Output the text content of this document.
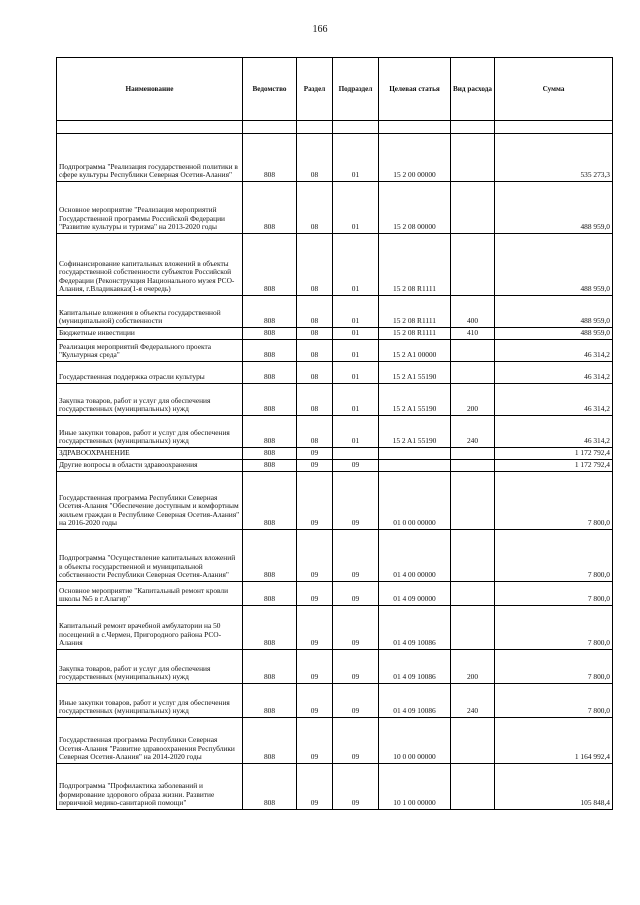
166
Наименование	Ведомство	Раздел	Подраздел	Целевая статья	Вид расхода	Сумма

Подпрограмма "Реализация государственной политики в сфере культуры Республики Северная Осетия-Алания"	808	08	01	15 2 00 00000		535 273,3
Основное мероприятие "Реализация мероприятий Государственной программы Российской Федерации "Развитие культуры и туризма" на 2013-2020 годы	808	08	01	15 2 08 00000		488 959,0
Софинансирование капитальных вложений в объекты государственной собственности субъектов Российской Федерации (Реконструкция Национального музея РСО-Алания, г.Владикавказ(1-я очередь)	808	08	01	15 2 08 R1111		488 959,0
Капитальные вложения в объекты государственной (муниципальной) собственности	808	08	01	15 2 08 R1111	400	488 959,0
Бюджетные инвестиции	808	08	01	15 2 08 R1111	410	488 959,0
Реализация мероприятий Федерального проекта "Культурная среда"	808	08	01	15 2 A1 00000		46 314,2
Государственная поддержка отрасли культуры	808	08	01	15 2 A1 55190		46 314,2
Закупка товаров, работ и услуг для обеспечения государственных (муниципальных) нужд	808	08	01	15 2 A1 55190	200	46 314,2
Иные закупки товаров, работ и услуг для обеспечения государственных (муниципальных) нужд	808	08	01	15 2 A1 55190	240	46 314,2
ЗДРАВООХРАНЕНИЕ	808	09				1 172 792,4
Другие вопросы в области здравоохранения	808	09	09			1 172 792,4
Государственная программа Республики Северная Осетия-Алания "Обеспечение доступным и комфортным жильем граждан в Республике Северная Осетия-Алания" на 2016-2020 годы	808	09	09	01 0 00 00000		7 800,0
Подпрограмма "Осуществление капитальных вложений в объекты государственной и муниципальной собственности Республики Северная Осетия-Алания"	808	09	09	01 4 00 00000		7 800,0
Основное мероприятие "Капитальный ремонт кровли школы №5 в г.Алагир"	808	09	09	01 4 09 00000		7 800,0
Капитальный ремонт врачебной амбулатории на 50 посещений в с.Чермен, Пригородного района РСО-Алания	808	09	09	01 4 09 10086		7 800,0
Закупка товаров, работ и услуг для обеспечения государственных (муниципальных) нужд	808	09	09	01 4 09 10086	200	7 800,0
Иные закупки товаров, работ и услуг для обеспечения государственных (муниципальных) нужд	808	09	09	01 4 09 10086	240	7 800,0
Государственная программа Республики Северная Осетия-Алания "Развитие здравоохранения Республики Северная Осетия-Алания" на 2014-2020 годы	808	09	09	10 0 00 00000		1 164 992,4
Подпрограмма "Профилактика заболеваний и формирование здорового образа жизни. Развитие первичной медико-санитарной помощи"	808	09	09	10 1 00 00000		105 848,4
